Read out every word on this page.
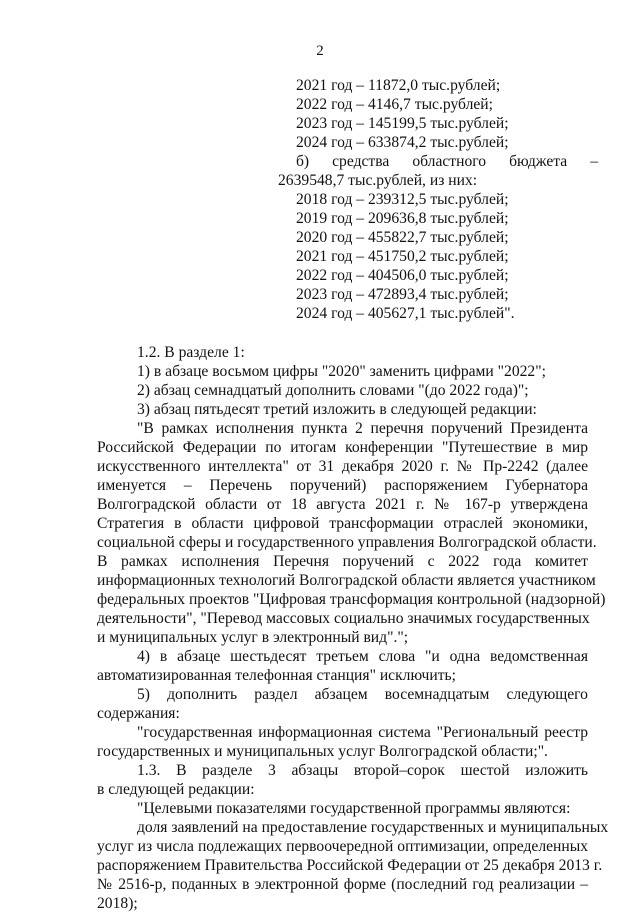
2
2021 год – 11872,0 тыс.рублей;
2022 год – 4146,7 тыс.рублей;
2023 год – 145199,5 тыс.рублей;
2024 год – 633874,2 тыс.рублей;
б) средства областного бюджета –
2639548,7 тыс.рублей, из них:
2018 год – 239312,5 тыс.рублей;
2019 год – 209636,8 тыс.рублей;
2020 год – 455822,7 тыс.рублей;
2021 год – 451750,2 тыс.рублей;
2022 год – 404506,0 тыс.рублей;
2023 год – 472893,4 тыс.рублей;
2024 год – 405627,1 тыс.рублей".
1.2. В разделе 1:
1) в абзаце восьмом цифры "2020" заменить цифрами "2022";
2) абзац семнадцатый дополнить словами "(до 2022 года)";
3) абзац пятьдесят третий изложить в следующей редакции:
"В рамках исполнения пункта 2 перечня поручений Президента
Российской Федерации по итогам конференции "Путешествие в мир
искусственного интеллекта" от 31 декабря 2020 г. № Пр-2242 (далее
именуется – Перечень поручений) распоряжением Губернатора
Волгоградской области от 18 августа 2021 г. № 167-р утверждена
Стратегия в области цифровой трансформации отраслей экономики,
социальной сферы и государственного управления Волгоградской области.
В рамках исполнения Перечня поручений с 2022 года комитет
информационных технологий Волгоградской области является участником
федеральных проектов "Цифровая трансформация контрольной (надзорной)
деятельности", "Перевод массовых социально значимых государственных
и муниципальных услуг в электронный вид".";
4) в абзаце шестьдесят третьем слова "и одна ведомственная
автоматизированная телефонная станция" исключить;
5) дополнить раздел абзацем восемнадцатым следующего
содержания:
"государственная информационная система "Региональный реестр
государственных и муниципальных услуг Волгоградской области;".
1.3. В разделе 3 абзацы второй–сорок шестой изложить
в следующей редакции:
"Целевыми показателями государственной программы являются:
доля заявлений на предоставление государственных и муниципальных
услуг из числа подлежащих первоочередной оптимизации, определенных
распоряжением Правительства Российской Федерации от 25 декабря 2013 г.
№ 2516-р, поданных в электронной форме (последний год реализации –
2018);
